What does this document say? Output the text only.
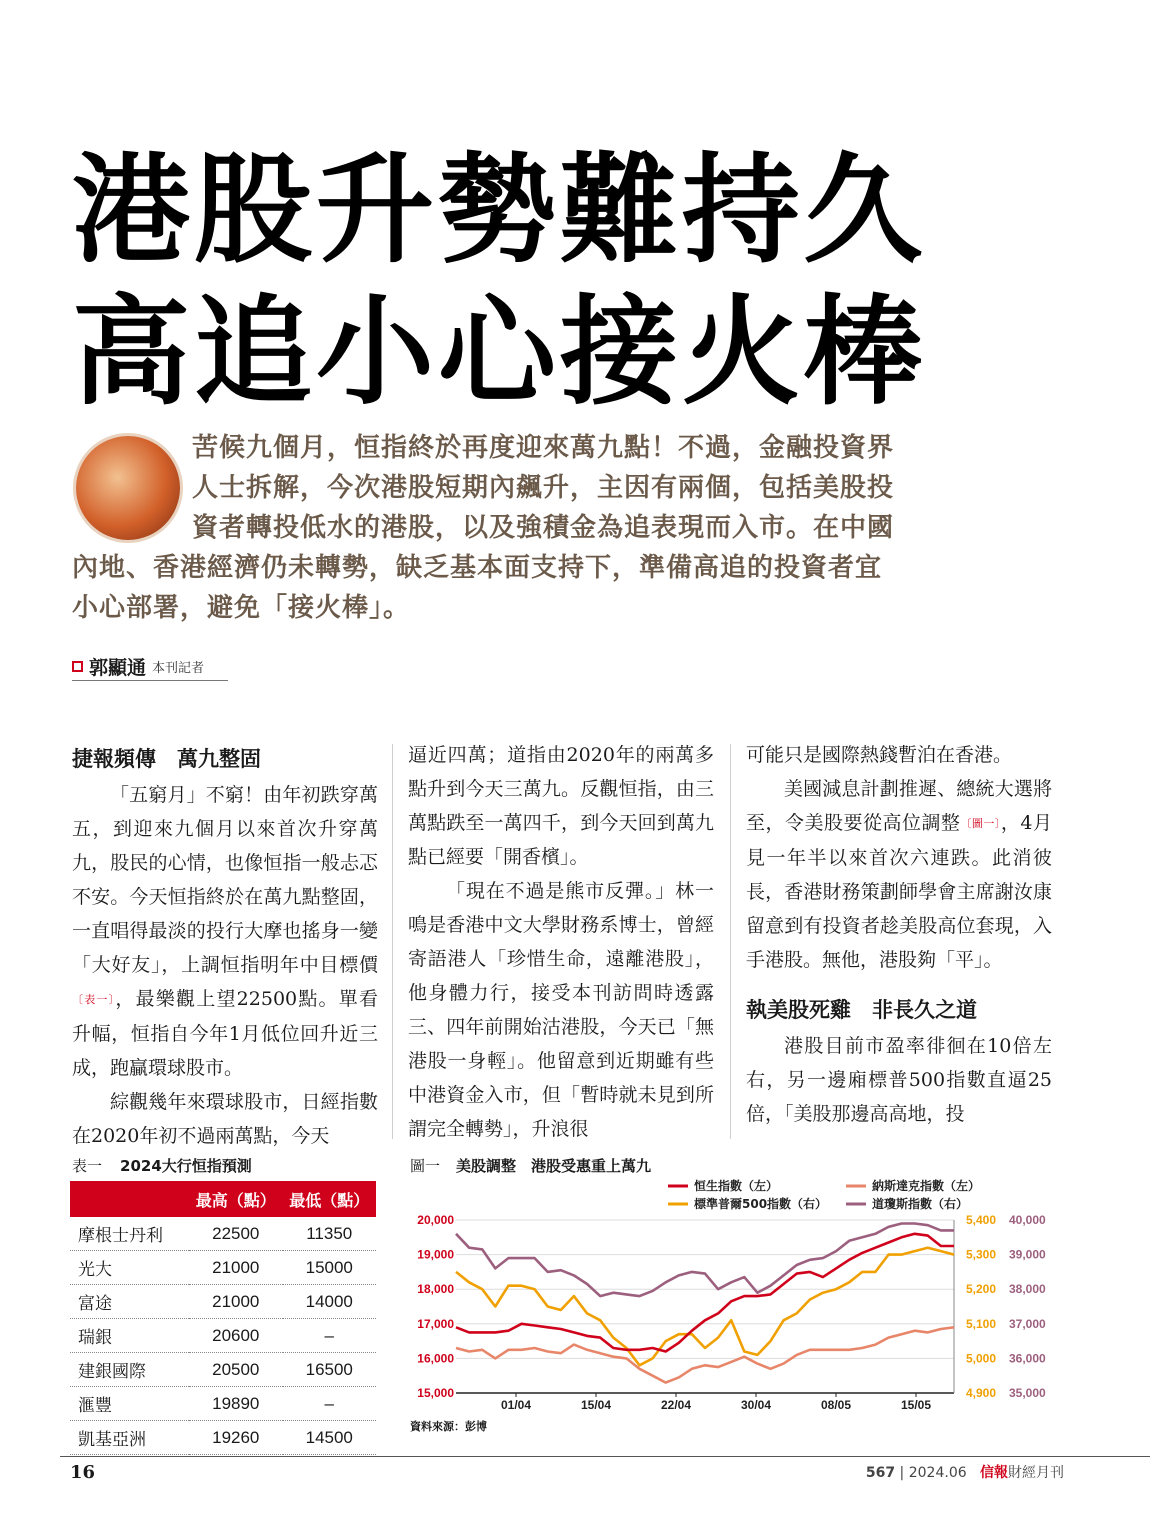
港股升勢難持久
高追小心接火棒
苦候九個月，恒指終於再度迎來萬九點！不過，金融投資界人士拆解，今次港股短期內飆升，主因有兩個，包括美股投資者轉投低水的港股，以及強積金為追表現而入市。在中國內地、香港經濟仍未轉勢，缺乏基本面支持下，準備高追的投資者宜小心部署，避免「接火棒」。
郭顯通 本刊記者
捷報頻傳　萬九整固

「五窮月」不窮！由年初跌穿萬五，到迎來九個月以來首次升穿萬九，股民的心情，也像恒指一般忐忑不安。今天恒指終於在萬九點整固，一直唱得最淡的投行大摩也搖身一變「大好友」，上調恒指明年中目標價〔表一〕，最樂觀上望22500點。單看升幅，恒指自今年1月低位回升近三成，跑贏環球股市。

綜觀幾年來環球股市，日經指數在2020年初不過兩萬點，今天

逼近四萬；道指由2020年的兩萬多點升到今天三萬九。反觀恒指，由三萬點跌至一萬四千，到今天回到萬九點已經要「開香檳」。

「現在不過是熊市反彈。」林一鳴是香港中文大學財務系博士，曾經寄語港人「珍惜生命，遠離港股」，他身體力行，接受本刊訪問時透露三、四年前開始沽港股，今天已「無港股一身輕」。他留意到近期雖有些中港資金入市，但「暫時就未見到所謂完全轉勢」，升浪很

可能只是國際熱錢暫泊在香港。

美國減息計劃推遲、總統大選將至，令美股要從高位調整〔圖一〕，4月見一年半以來首次六連跌。此消彼長，香港財務策劃師學會主席謝汝康留意到有投資者趁美股高位套現，入手港股。無他，港股夠「平」。

執美股死雞　非長久之道

港股目前市盈率徘徊在10倍左右，另一邊廂標普500指數直逼25倍，「美股那邊高高地，投

表一 2024大行恒指預測
	最高（點）	最低（點）
摩根士丹利	22500	11350
光大	21000	15000
富途	21000	14000
瑞銀	20600	–
建銀國際	20500	16500
滙豐	19890	–
凱基亞洲	19260	14500
圖一 美股調整　港股受惠重上萬九
15,000
16,000
17,000
18,000
19,000
20,000
4,900
5,000
5,100
5,200
5,300
5,400
35,000
36,000
37,000
38,000
39,000
40,000
01/04	15/04	22/04	30/04	08/05	15/05
恒生指數（左）	納斯達克指數（左）
標準普爾500指數（右）	道瓊斯指數（右）
資料來源：彭博
16	567 | 2024.06 信報財經月刊
